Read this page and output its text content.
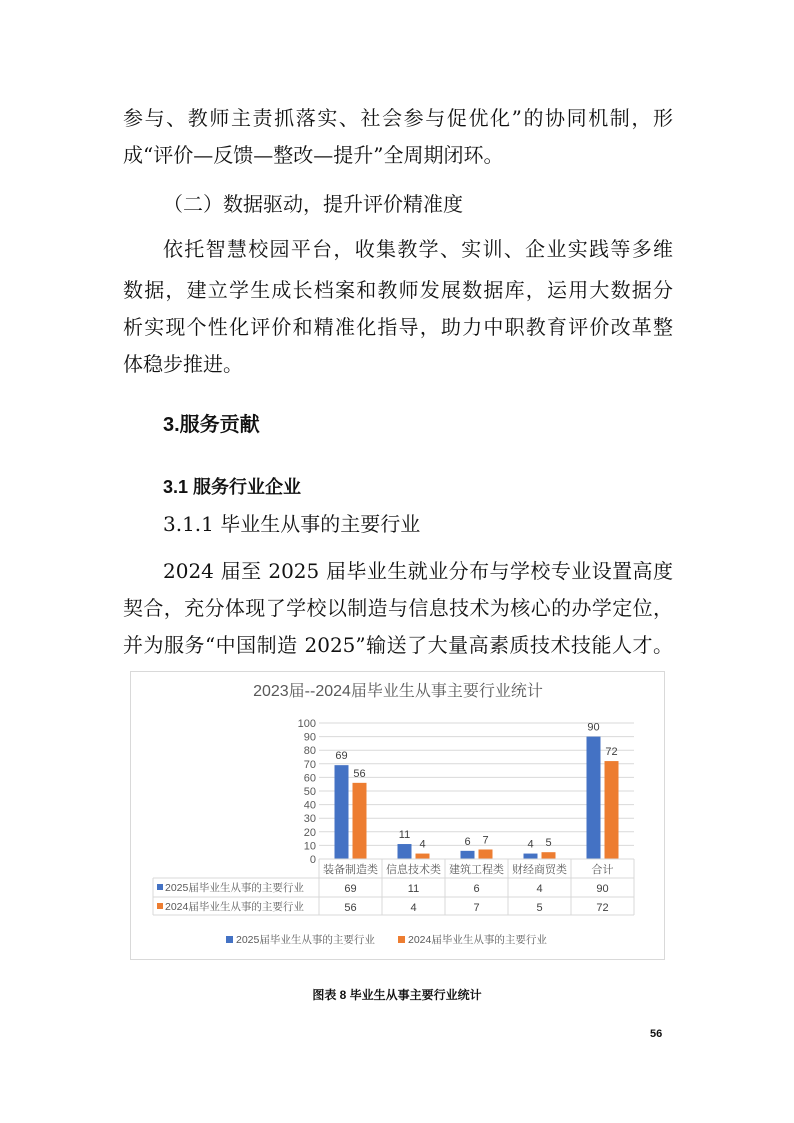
参与、教师主责抓落实、社会参与促优化”的协同机制，形
成“评价—反馈—整改—提升”全周期闭环。
（二）数据驱动，提升评价精准度
依托智慧校园平台，收集教学、实训、企业实践等多维
数据，建立学生成长档案和教师发展数据库，运用大数据分
析实现个性化评价和精准化指导，助力中职教育评价改革整
体稳步推进。
3.服务贡献
3.1 服务行业企业
3.1.1 毕业生从事的主要行业
2024 届至 2025 届毕业生就业分布与学校专业设置高度
契合，充分体现了学校以制造与信息技术为核心的办学定位，
并为服务“中国制造 2025”输送了大量高素质技术技能人才。
2023届--2024届毕业生从事主要行业统计
0
10
20
30
40
50
60
70
80
90
100
69
11
6	4
90
56
4	7	5
72
装备制造类 信息技术类 建筑工程类 财经商贸类 合计
2025届毕业生从事的主要行业	69	11	6	4	90
2024届毕业生从事的主要行业	56	4	7	5	72
2025届毕业生从事的主要行业	2024届毕业生从事的主要行业
图表 8 毕业生从事主要行业统计
56
